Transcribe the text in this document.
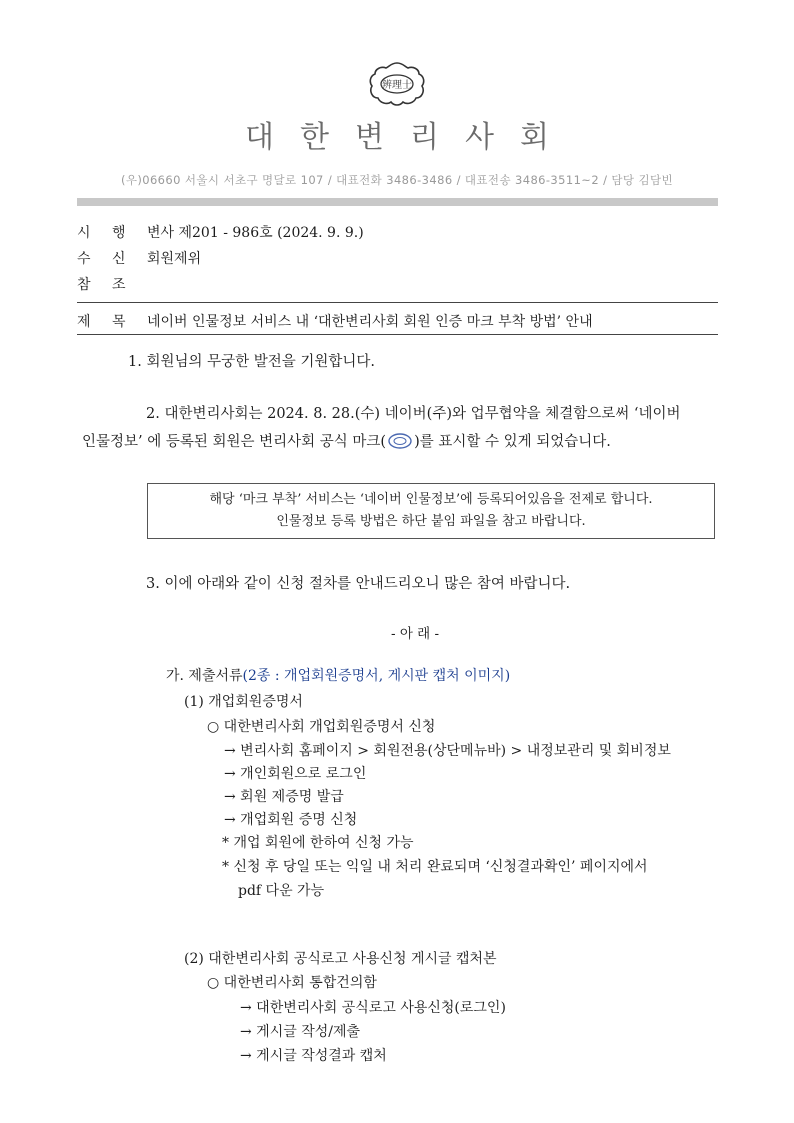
辨理士
대한변리사회
(우)06660 서울시 서초구 명달로 107 / 대표전화 3486-3486 / 대표전송 3486-3511~2 / 담당 김담빈
시 행 변사 제201 - 986호 (2024. 9. 9.)
수 신 회원제위
참 조
제 목 네이버 인물정보 서비스 내 ‘대한변리사회 회원 인증 마크 부착 방법’ 안내
1. 회원님의 무궁한 발전을 기원합니다.
2. 대한변리사회는 2024. 8. 28.(수) 네이버(주)와 업무협약을 체결함으로써 ‘네이버
인물정보’ 에 등록된 회원은 변리사회 공식 마크( )를 표시할 수 있게 되었습니다.
해당 ‘마크 부착’ 서비스는 ‘네이버 인물정보’에 등록되어있음을 전제로 합니다.
인물정보 등록 방법은 하단 붙임 파일을 참고 바랍니다.
3. 이에 아래와 같이 신청 절차를 안내드리오니 많은 참여 바랍니다.
- 아 래 -
가. 제출서류(2종 : 개업회원증명서, 게시판 캡처 이미지)
(1) 개업회원증명서
○ 대한변리사회 개업회원증명서 신청
→ 변리사회 홈페이지 > 회원전용(상단메뉴바) > 내정보관리 및 회비정보
→ 개인회원으로 로그인
→ 회원 제증명 발급
→ 개업회원 증명 신청
* 개업 회원에 한하여 신청 가능
* 신청 후 당일 또는 익일 내 처리 완료되며 ‘신청결과확인’ 페이지에서
pdf 다운 가능
(2) 대한변리사회 공식로고 사용신청 게시글 캡처본
○ 대한변리사회 통합건의함
→ 대한변리사회 공식로고 사용신청(로그인)
→ 게시글 작성/제출
→ 게시글 작성결과 캡처
